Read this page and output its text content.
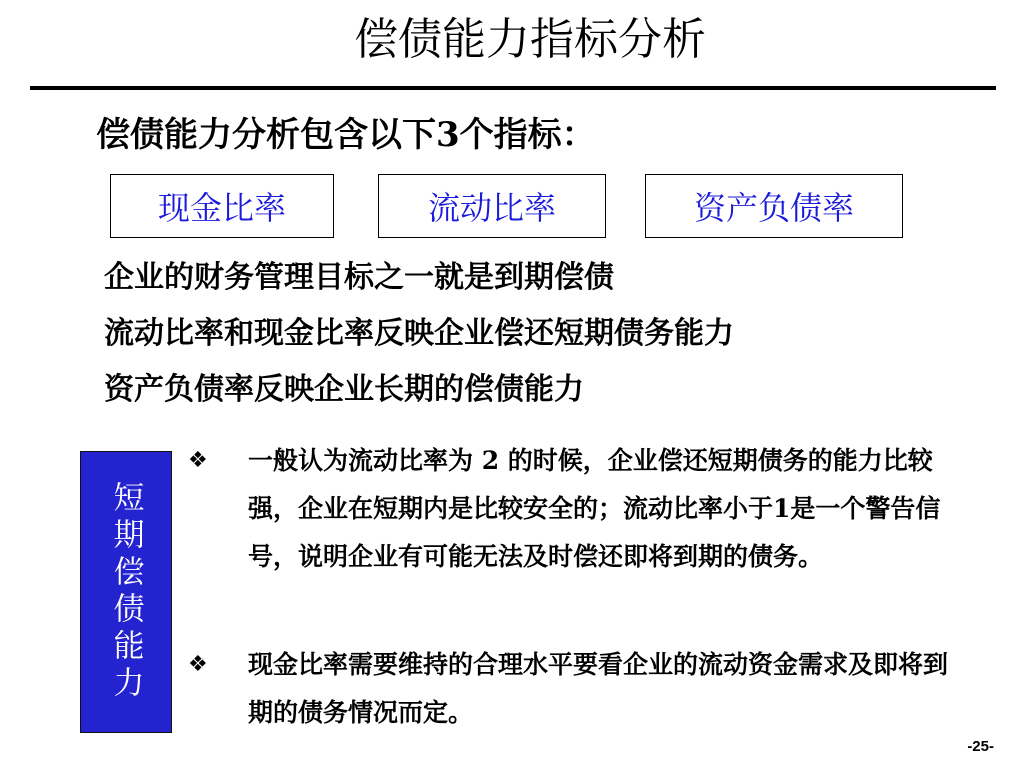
偿债能力指标分析
偿债能力分析包含以下3个指标：
现金比率	流动比率	资产负债率
企业的财务管理目标之一就是到期偿债
流动比率和现金比率反映企业偿还短期债务能力
资产负债率反映企业长期的偿债能力
短期偿债能力
❖ 一般认为流动比率为 2 的时候，企业偿还短期债务的能力比较强，企业在短期内是比较安全的；流动比率小于1是一个警告信号，说明企业有可能无法及时偿还即将到期的债务。
❖ 现金比率需要维持的合理水平要看企业的流动资金需求及即将到期的债务情况而定。
-25-
